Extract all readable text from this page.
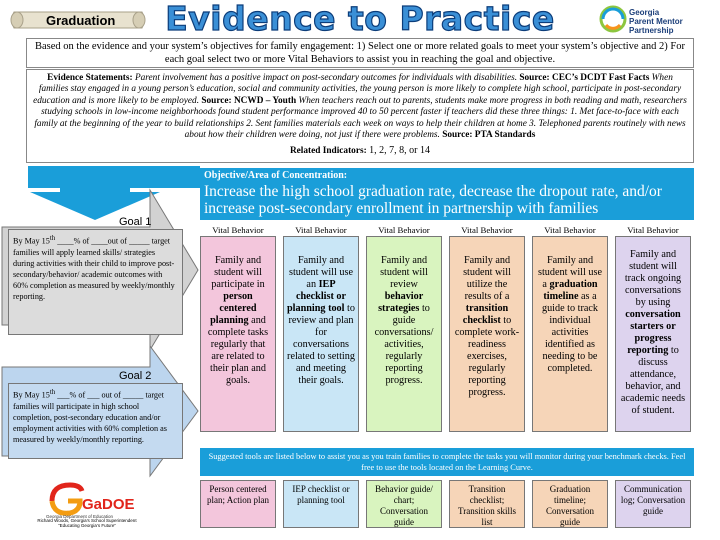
Graduation	Evidence to Practice	Georgia
Parent Mentor
Partnership
Based on the evidence and your system’s objectives for family engagement: 1) Select one or more related goals to meet your system’s objective and 2) For each goal select two or more Vital Behaviors to assist you in reaching the goal and objective.
Evidence Statements: Parent involvement has a positive impact on post-secondary outcomes for individuals with disabilities. Source: CEC’s DCDT Fast Facts When families stay engaged in a young person’s education, social and community activities, the young person is more likely to complete high school, participate in post-secondary education and is more likely to be employed. Source: NCWD – Youth When teachers reach out to parents, students make more progress in both reading and math, researchers studying schools in low-income neighborhoods found student performance improved 40 to 50 percent faster if teachers did these three things: 1. Met face-to-face with each family at the beginning of the year to build relationships 2. Sent families materials each week on ways to help their children at home 3. Telephoned parents routinely with news about how their children were doing, not just if there were problems. Source: PTA Standards
Related Indicators: 1, 2, 7, 8, or 14
Objective/Area of Concentration:
Increase the high school graduation rate, decrease the dropout rate, and/or increase post-secondary enrollment in partnership with families
Goal 1
By May 15th ____% of ____out of _____ target families will apply learned skills/ strategies during activities with their child to improve post-secondary/behavior/ academic outcomes with 60% completion as measured by weekly/monthly reporting.
Goal 2
By May 15th ___% of ___ out of _____ target families will participate in high school completion, post-secondary education and/or employment activities with 60% completion as measured by weekly/monthly reporting.
Vital Behavior	Vital Behavior	Vital Behavior	Vital Behavior	Vital Behavior	Vital Behavior
Family and student will participate in person centered planning and complete tasks regularly that are related to their plan and goals.
Family and student will use an IEP checklist or planning tool to review and plan for conversations related to setting and meeting their goals.
Family and student will review behavior strategies to guide conversations/ activities, regularly reporting progress.
Family and student will utilize the results of a transition checklist to complete work-readiness exercises, regularly reporting progress.
Family and student will use a graduation timeline as a guide to track individual activities identified as needing to be completed.
Family and student will track ongoing conversations by using conversation starters or progress reporting to discuss attendance, behavior, and academic needs of student.
Suggested tools are listed below to assist you as you train families to complete the tasks you will monitor during your benchmark checks. Feel free to use the tools located on the Learning Curve.
Person centered plan; Action plan
IEP checklist or planning tool
Behavior guide/ chart; Conversation guide
Transition checklist; Transition skills list
Graduation timeline; Conversation guide
Communication log; Conversation guide
GaDOE
Georgia Department of Education
Richard Woods, Georgia’s School Superintendent
“Educating Georgia’s Future”
